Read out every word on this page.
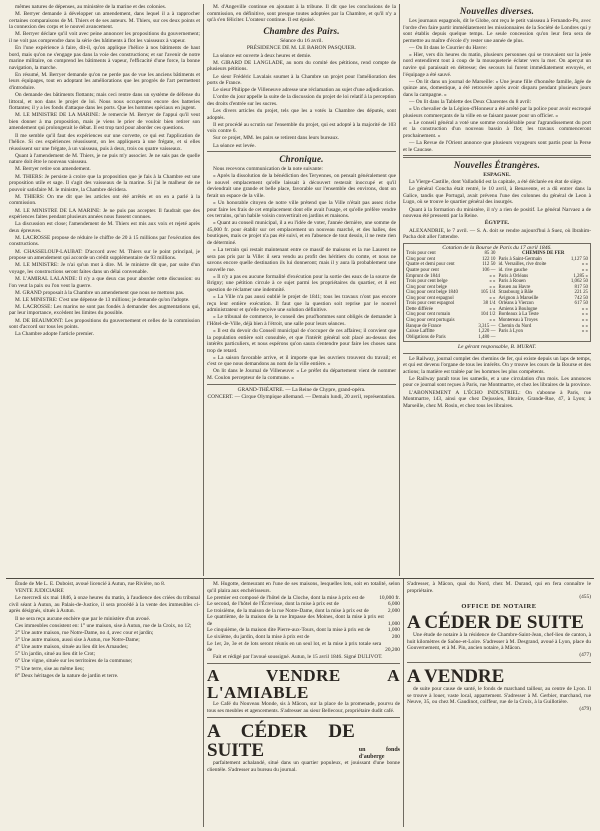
mêmes natures de dépenses, au ministère de la marine et des colonies.

M. Berryer demande à développer un amendement, dans lequel il a à rapprocher certaines comparaisons de M. Thiers et de ses auteurs. M. Thiers, sur ces deux points et la connexion des corps et le nouvel avancement.

M. Berryer déclare qu'il voit avec peine annoncer les propositions du gouvernement; il ne voit pas comprendre dans la série des bâtiments à flot les vaisseaux à vapeur.

En l'une expérience à faire, dit-il, qu'on applique l'hélice à nos bâtiments de haut bord, mais qu'on ne s'engage pas dans la voie des constructions; et sur l'avenir de notre marine militaire, on comprend les bâtiments à vapeur, l'efficacité d'une force, la bonne navigation, la marche.

En résumé, M. Berryer demande qu'on ne perde pas de vue les anciens bâtiments et leurs équipages, tout en adoptant les améliorations que les progrès de l'art permettent d'introduire.

On demande des bâtiments flottants; mais ceci rentre dans un système de défense du littoral, et non dans le projet de loi. Nous nous occuperons encore des batteries flottantes; il y a les fonds d'attaque dans les ports. Que les hommes spéciaux en jugent.

M. LE MINISTRE DE LA MARINE: Je remercie M. Berryer de l'appui qu'il veut bien donner à ma proposition, mais je viens le prier de vouloir bien retirer son amendement qui prolongerait le débat. Il est trop tard pour aborder ces questions.

Il me semble qu'il faut des expériences sur une corvette, ce qui est l'application de l'hélice. Si ces expériences réussissent, on les appliquera à une frégate, et si elles réussissent sur une frégate, à un vaisseau, puis à deux, trois ou quatre vaisseaux.

Quant à l'amendement de M. Thiers, je ne puis m'y associer. Je ne sais pas de quelle nature doit être le nouveau vaisseau.

M. Berryer retire son amendement.

M. THIERS: Je persiste à croire que la proposition que je fais à la Chambre est une proposition utile et sage. Il s'agit des vaisseaux de la marine. Si j'ai le malheur de ne pouvoir satisfaire M. le ministre, la Chambre décidera.

M. THIERS: On me dit que les articles ont été arrêtés et on en a parlé à la commission.

M. LE MINISTRE DE LA MARINE: Je ne puis pas accepter. Il faudrait que des expériences faites pendant plusieurs années nous fussent connues.

La discussion est close; l'amendement de M. Thiers est mis aux voix et rejeté après deux épreuves.

M. LACROSSE propose de réduire le chiffre de 20 à 15 millions par l'exécution des constructions.

M. CHASSELOUP-LAUBAT: D'accord avec M. Thiers sur le point principal, je propose un amendement qui accorde un crédit supplémentaire de 93 millions.

M. LE MINISTRE: Je n'ai qu'un mot à dire. M. le ministre dit que, par suite d'un voyage, les constructions seront faites dans un délai convenable.

M. L'AMIRAL LALANDE: Il n'y a que deux cas pour aborder cette discussion: ou l'on veut la paix ou l'on veut la guerre.

M. GRAND proposait à la Chambre un amendement que nous ne mettons pas.

M. LE MINISTRE: C'est une dépense de 13 millions; je demande qu'on l'adopte.

M. LACROSSE: Les marins ne sont pas fondés à demander des augmentations qui, par leur importance, excèdent les limites du possible.

M. DE BEAUMONT: Les propositions du gouvernement et celles de la commission sont d'accord sur tous les points.

La Chambre adopte l'article premier.

M. d'Angeville continue en ajoutant à la tribune. Il dit que les conclusions de la commission, en définitive, sont presque toutes adoptées par la Chambre, et qu'il n'y a qu'à s'en féliciter. L'orateur continue. Il est épuisé.

Chambre des Pairs.
Séance du 16 avril.
PRÉSIDENCE DE M. LE BARON PASQUIER.

La séance est ouverte à deux heures et demie.

M. GIRARD DE LANGLADE, au nom du comité des pétitions, rend compte de plusieurs pétitions.

Le sieur Frédéric Lavalais soumet à la Chambre un projet pour l'amélioration des ports de France.

Le sieur Philippe de Villeneuve adresse une réclamation au sujet d'une adjudication.

L'ordre du jour appelle la suite de la discussion du projet de loi relatif à la perception des droits d'entrée sur les sucres.

Les divers articles du projet, tels que les a votés la Chambre des députés, sont adoptés.

Il est procédé au scrutin sur l'ensemble du projet, qui est adopté à la majorité de 103 voix contre 6.

Sur ce projet, MM. les pairs se retirent dans leurs bureaux.

La séance est levée.

Chronique.

Nous recevons communication de la note suivante:

« Après la dissolution de la bénédiction des Teryennes, on pensait généralement que le nouvel emplacement qu'elle laissait à découvert resterait inoccupé et qu'il deviendrait une grande et belle place, favorable sur l'ensemble des environs, dont on ferait un espace de la ville.

« Un honorable citoyen de notre ville prétend que la Ville n'était pas assez riche pour faire les frais de cet emplacement dont elle avait l'usage, et qu'elle préfère vendre ces terrains, qu'un habile voisin convertirait en jardins et maisons.

« Quant au conseil municipal, il a eu l'idée de voter, l'année dernière, une somme de 45,000 fr. pour établir sur cet emplacement un nouveau marché, et des halles, des boutiques, mais ce projet n'a pas été suivi, et en l'absence de tout dessin, il ne reste rien de déterminé.

« La terrain qui restait maintenant entre ce massif de maisons et la rue Laurent ne sera pas pris par la Ville: il sera vendu au profit des héritiers du comte, et nous ne savons encore quelle destination ils lui donneront; mais il y aura là probablement une nouvelle rue.

« Il n'y a pas eu aucune formalité d'exécution pour la sortie des eaux de la source de Brigny; une pétition circule à ce sujet parmi les propriétaires du quartier, et il est question de réclamer une indemnité.

« La Ville n'a pas aussi oublié le projet de 1841; tous les travaux n'ont pas encore reçu leur entière exécution. Il faut que la question soit reprise par le nouvel administrateur et qu'elle reçoive une solution définitive.

« Le tribunal de commerce, le conseil des prud'hommes sont obligés de demander à l'Hôtel-de-Ville, déjà bien à l'étroit, une salle pour leurs séances.

« Il est du devoir du Conseil municipal de s'occuper de ces affaires; il convient que la population entière soit consultée, et que l'intérêt général soit placé au-dessus des intérêts particuliers, et nous espérons qu'on saura s'entendre pour faire les choses sans trop de retard.

« La saison favorable arrive, et il importe que les ouvriers trouvent du travail; et c'est ce que nous demandons au nom de la ville entière. »

On lit dans le Journal de Villeneuve: « Le préfet du département vient de nommer M. Coulon percepteur de la commune. »

GRAND-THÉATRE. — La Reine de Chypre, grand-opéra.

CONCERT. — Cirque Olympique allemand. — Demain lundi, 20 avril, représentation.

Nouvelles diverses.

Les journaux espagnols, dit le Globe, ont reçu le petit vaisseau à Fernando-Po, avec l'ordre d'en faire partir immédiatement les missionnaires de la Société de Londres qui y sont établis depuis quelque temps. Le seule concession qu'on leur fera sera de permettre au maître d'école d'y rester une année de plus.

— On lit dans le Courrier du Havre:

« Hier, vers dix heures du matin, plusieurs personnes qui se trouvaient sur la jetée nord entendirent tout à coup de la mousqueterie éclater vers la mer. On aperçut un navire qui paraissait en détresse; des secours lui furent immédiatement envoyés, et l'équipage a été sauvé.

— On lit dans un journal de Marseille: « Une jeune fille d'honnête famille, âgée de quinze ans, domestique, a été retrouvée après avoir disparu pendant plusieurs jours dans la campagne. »

— On lit dans la Tablette des Deux Charentes du 8 avril:

« Un chevalier de la Légion-d'Honneur a été arrêté par la police pour avoir escroqué plusieurs commerçants de la ville en se faisant passer pour un officier. »

« Le conseil général a voté une somme considérable pour l'agrandissement du port et la construction d'un nouveau bassin à flot; les travaux commenceront prochainement. »

— La Revue de l'Orient annonce que plusieurs voyageurs sont partis pour la Perse et le Caucase.

Nouvelles Étrangères.
ESPAGNE.

La Vierge-Castille, dont Valladolid est la capitale, a été déclarée en état de siège.

Le général Concha était rentré, le 10 avril, à Benavente, et a dû entrer dans la Galice, tandis que Portugal, avait prévenu l'une des colonnes du général de Leon à Lugo, où se trouve le quartier général des insurgés.

Quant à la formation du ministère, il n'y a rien de positif. Le général Narvaez a de nouveau été pressenti par la Reine.

ÉGYPTE.

ALEXANDRIE, le 7 avril. — S. A. doit se rendre aujourd'hui à Suez, où Ibrahim-Pacha doit aller l'attendre.

Cotation de la Bourse de Paris du 17 avril 1846.
Trois pour cent	85 30
Cinq pour cent	122 10
Quatre et demi pour cent	112 50
Quatre pour cent	106 —
Emprunt de 1844	» »
Trois pour cent belge	» »
Cinq pour cent belge	» »
Cinq pour cent belge 1840	105 1/4
Cinq pour cent espagnol	» »
Trois pour cent espagnol	38 1/4
Dette différée	» »
Cinq pour cent romain	104 1/2
Cinq pour cent portugais	» »
Banque de France	3,315 —
Caisse Laffitte	1,220 —
Obligations de Paris	1,480 —
CHEMINS DE FER
Paris à Saint-Germain	1,127 50
id. Versailles, rive droite	» »
id. rive gauche	» »
Paris à Orléans	1,285 »
Paris à Rouen	1,062 50
Rouen au Havre	817 50
Strasbourg à Bâle	221 25
Avignon à Marseille	742 50
Orléans à Vierzon	617 50
Amiens à Boulogne	» »
Bordeaux à La Teste	» »
Montereau à Troyes	» »
Chemin du Nord	» »
Paris à Lyon	» »
Le gérant responsable, B. MURAT.

Le Railway, journal complet des chemins de fer, qui existe depuis un laps de temps, et qui est devenu l'organe de tous les intérêts. On y trouve les cours de la Bourse et des actions; la matière est traitée par les hommes les plus compétents.

Le Railway paraît tous les samedis, et a une circulation d'un mois. Les annonces pour ce journal sont reçues à Paris, rue Montmartre, et chez les libraires de la province.

L'ABONNEMENT A L'ÉCHO INDUSTRIEL: On s'abonne à Paris, rue Montmartre, 143, ainsi que chez Dejussieu, libraire, Grande-Rue, 47, à Lyon; à Marseille, chez M. Rosin, et chez tous les libraires.

Étude de Me L. E. Duboist, avoué licencié à Autun, rue Rivière, no 8.

VENTE JUDICIAIRE

Le mercredi six mai 1846, à onze heures du matin, à l'audience des criées du tribunal civil séant à Autun, au Palais-de-Justice, il sera procédé à la vente des immeubles ci-après désignés, situés à Autun.

Il ne sera reçu aucune enchère que par le ministère d'un avoué.

Ces immeubles consistent en: 1° une maison, sise à Autun, rue de la Croix, no 12;

2° Une autre maison, rue Notre-Dame, no 4, avec cour et jardin;

3° Une autre maison, aussi sise à Autun, rue Notre-Dame;

4° Une autre maison, située au lieu dit les Arnaudes;

5° Un jardin, situé au lieu dit le Crot;

6° Une vigne, située sur les territoires de la commune;

7° Une terre, sise au même lieu;

8° Deux héritages de la nature de jardin et terre.

M. Hugotte, demeurant en l'une de ses maisons, lesquelles lots, soit en totalité, selon qu'il plaira aux enchérisseurs.

Le premier est composé de l'hôtel de la Cloche, dont la mise à prix est de	10,000 fr.
Le second, de l'hôtel de l'Écrevisse, dont la mise à prix est de	6,000
Le troisième, de la maison de la rue Notre-Dame, dont la mise à prix est de	2,000
Le quatrième, de la maison de la rue Impasse des Moines, dont la mise à prix est de	1,000
Le cinquième, de la maison dite Pierre-aux-Tours, dont la mise à prix est de	1,000
Le sixième, du jardin, dont la mise à prix est de	200
Le 1er, 2e, 3e et 4e lots seront réunis en un seul lot, et la mise à prix totale sera de	20,200

Fait et rédigé par l'avoué soussigné. Autun, le 15 avril 1846. Signé DULIVOT.

A VENDRE A L'AMIABLE

Le Café du Nouveau Monde, sis à Mâcon, sur la place de la promenade, pourvu de tous ses meubles et agencements. S'adresser au sieur Bellecour, propriétaire dudit café.

A CÉDER DE SUITE	un fonds d'auberge

parfaitement achalandé, situé dans un quartier populeux, et jouissant d'une bonne clientèle. S'adresser au bureau du journal.

S'adresser, à Mâcon, quai du Nord, chez M. Durand, qui en fera connaître le propriétaire.
(455)
OFFICE DE NOTAIRE
A CÉDER DE SUITE

Une étude de notaire à la résidence de Chambre-Saint-Jean, chef-lieu de canton, à huit kilomètres de Saône-et-Loire. S'adresser à M. Desgrand, avoué à Lyon, place du Gouvernement, et à M. Pin, ancien notaire, à Mâcon.

(477)
A VENDRE

de suite pour cause de santé, le fonds de marchand tailleur, au centre de Lyon. Il se trouve à louer, vaste local, appartement. S'adresser à M. Gerbier, marchand, rue Neuve, 35, ou chez M. Gaudinot, coiffeur, rue de la Croix, à la Guillotière.

(479)
